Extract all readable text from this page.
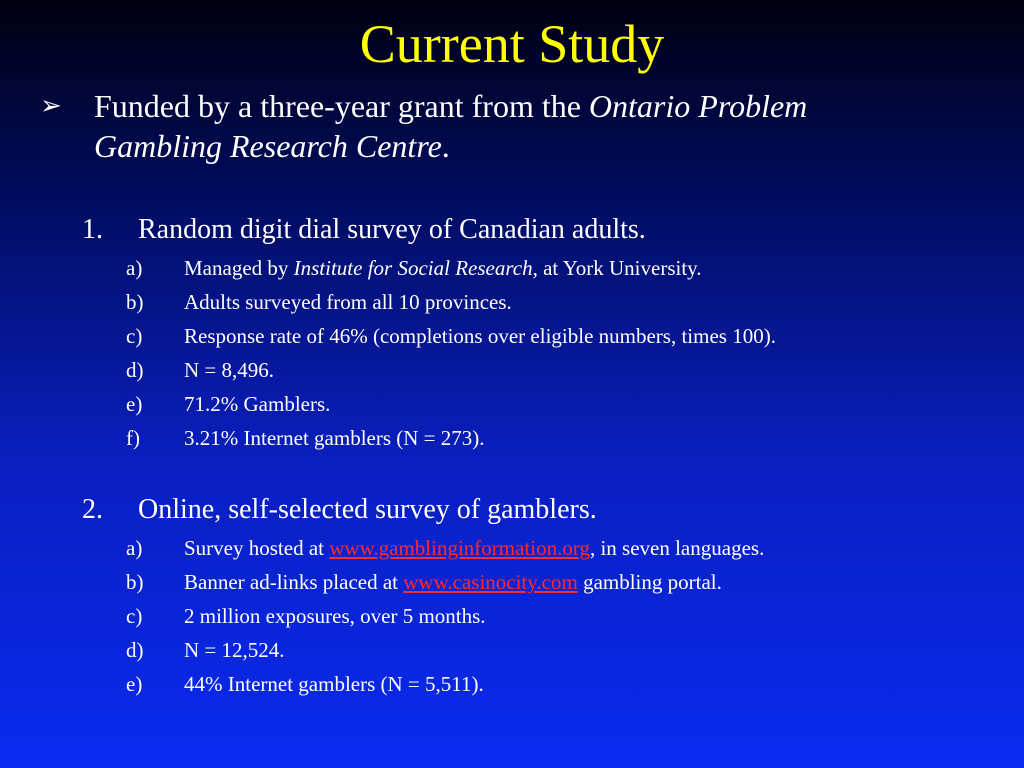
Current Study
➢ Funded by a three-year grant from the Ontario Problem
Gambling Research Centre.
1. Random digit dial survey of Canadian adults.
a) Managed by Institute for Social Research, at York University.
b) Adults surveyed from all 10 provinces.
c) Response rate of 46% (completions over eligible numbers, times 100).
d) N = 8,496.
e) 71.2% Gamblers.
f) 3.21% Internet gamblers (N = 273).
2. Online, self-selected survey of gamblers.
a) Survey hosted at www.gamblinginformation.org, in seven languages.
b) Banner ad-links placed at www.casinocity.com gambling portal.
c) 2 million exposures, over 5 months.
d) N = 12,524.
e) 44% Internet gamblers (N = 5,511).
